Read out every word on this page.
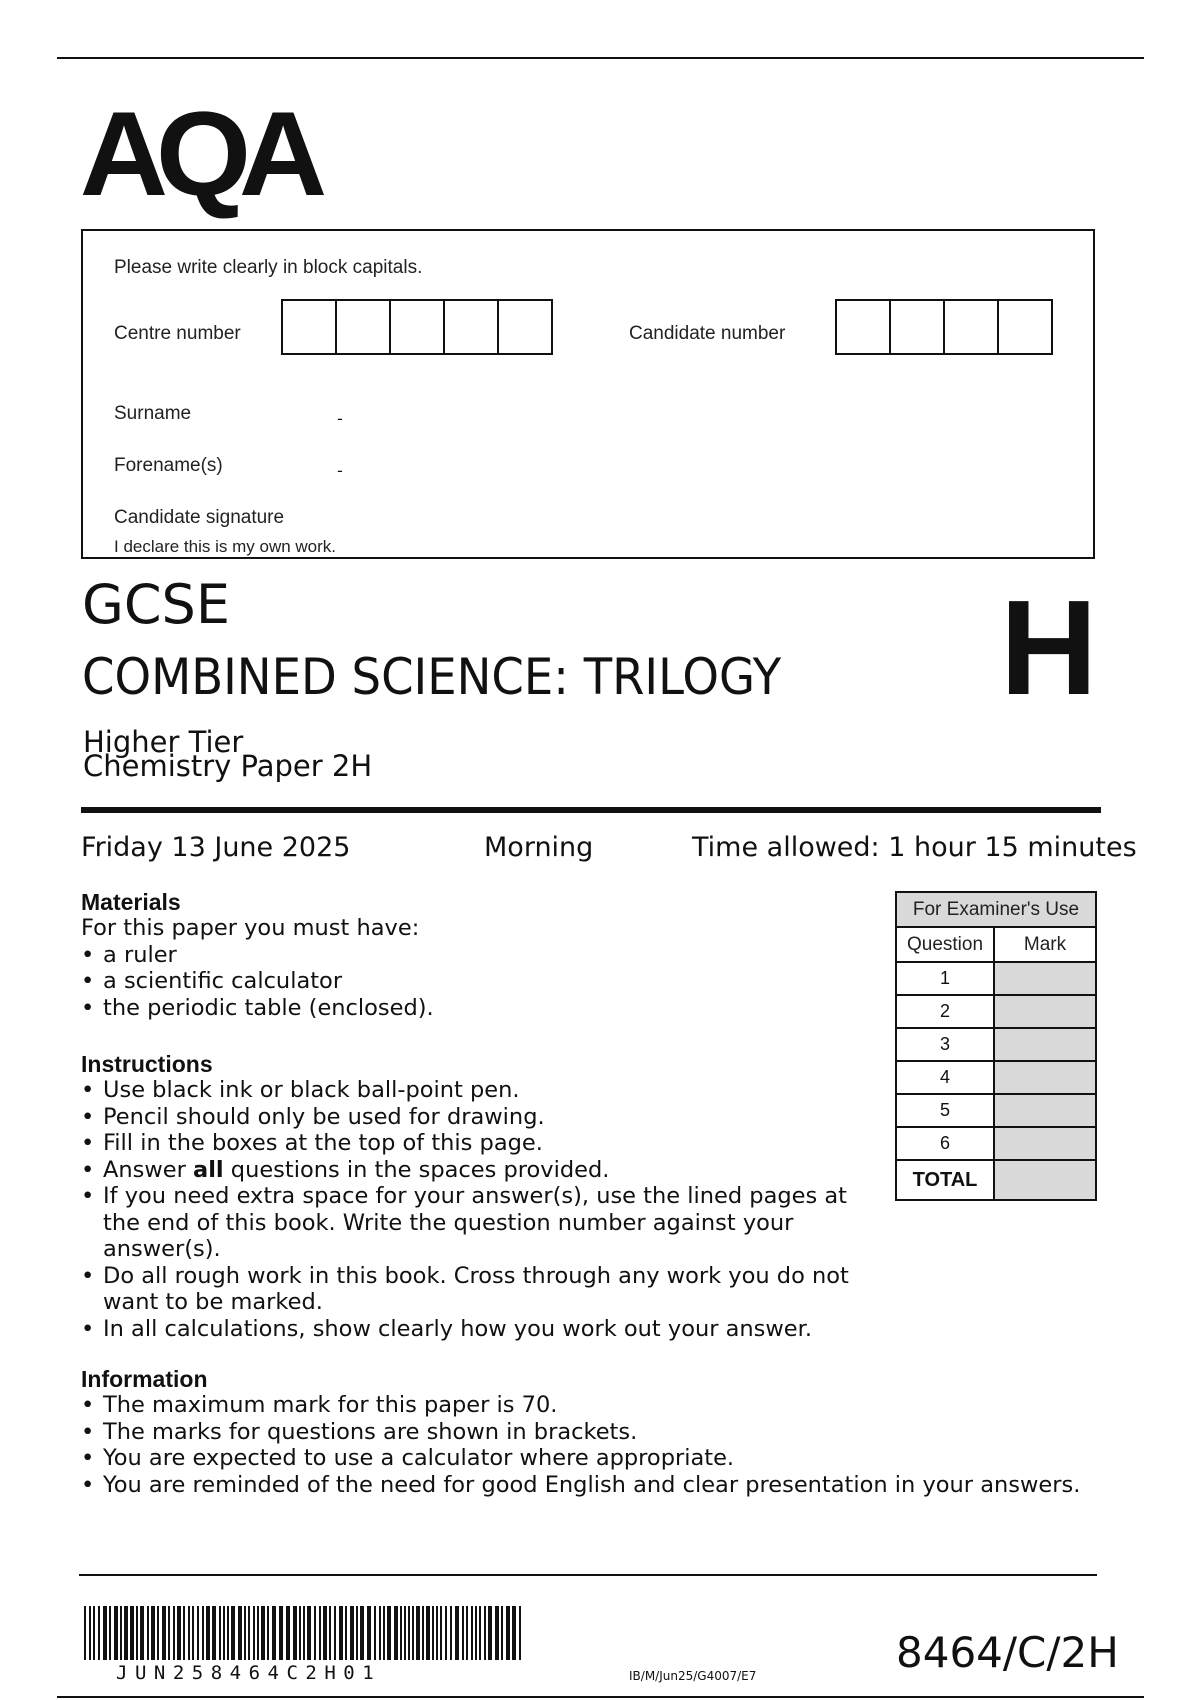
AQA
Please write clearly in block capitals.
Centre number	Candidate number
Surname	-
Forename(s)	-
Candidate signature
I declare this is my own work.
GCSE
COMBINED SCIENCE: TRILOGY
Higher Tier
Chemistry Paper 2H
H
Friday 13 June 2025	Morning	Time allowed: 1 hour 15 minutes
Materials
For this paper you must have:
• a ruler
• a scientific calculator
• the periodic table (enclosed).
Instructions
• Use black ink or black ball-point pen.
• Pencil should only be used for drawing.
• Fill in the boxes at the top of this page.
• Answer all questions in the spaces provided.
• If you need extra space for your answer(s), use the lined pages at the end of this book. Write the question number against your answer(s).
• Do all rough work in this book. Cross through any work you do not want to be marked.
• In all calculations, show clearly how you work out your answer.
Information
• The maximum mark for this paper is 70.
• The marks for questions are shown in brackets.
• You are expected to use a calculator where appropriate.
• You are reminded of the need for good English and clear presentation in your answers.
For Examiner's Use	
Question	Mark
1	
2	
3	
4	
5	
6	
TOTAL	
JUN258464C2H01	IB/M/Jun25/G4007/E7	8464/C/2H
